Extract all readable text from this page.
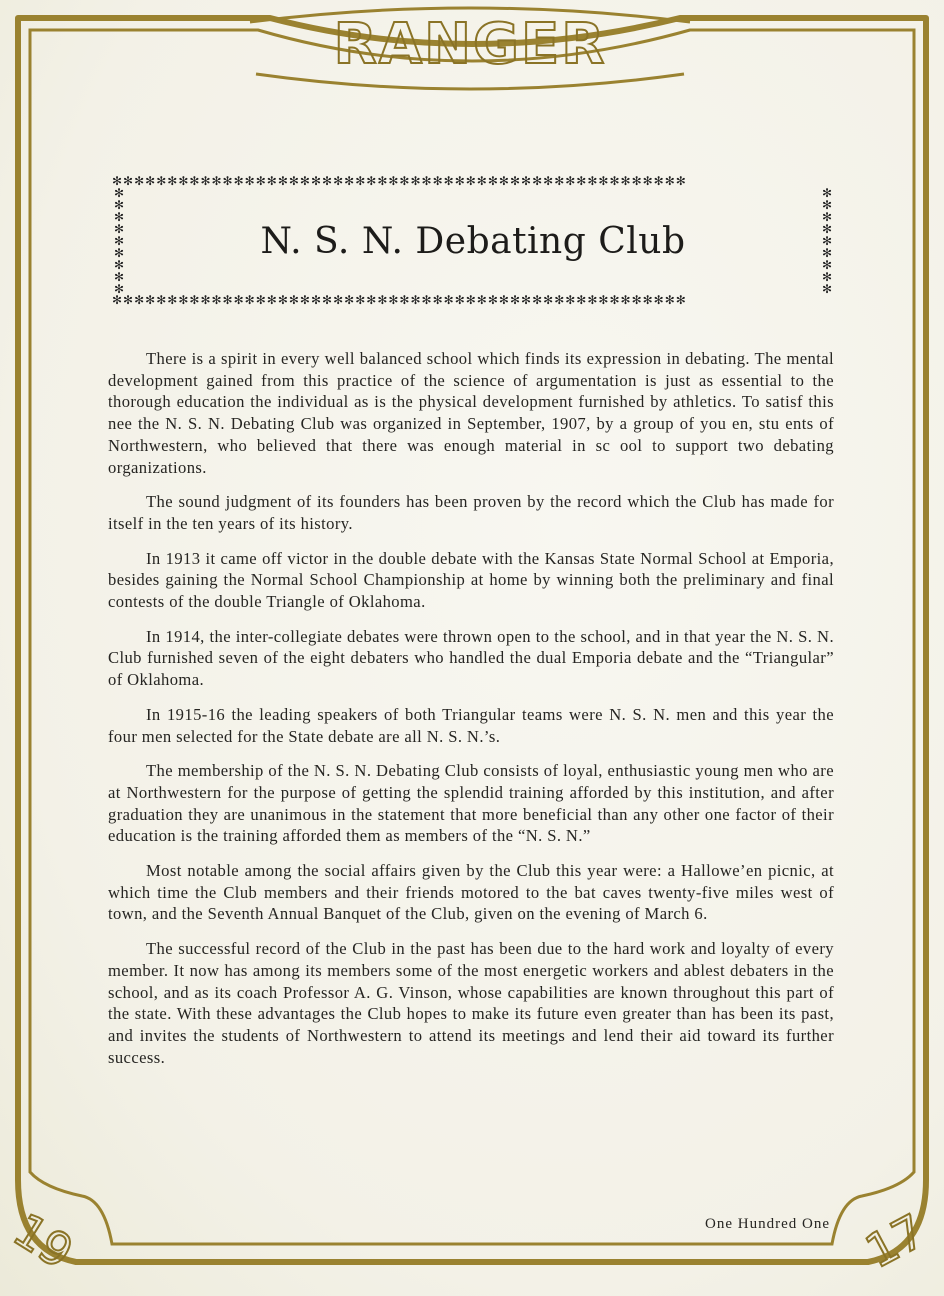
RANGER
19	17
✻✻✻✻✻✻✻✻✻✻✻✻✻✻✻✻✻✻✻✻✻✻✻✻✻✻✻✻✻✻✻✻✻✻✻✻✻✻✻✻✻✻✻✻✻✻✻✻✻✻✻✻
✻
✻
✻
✻
✻
✻
✻
✻
✻
✻
✻
✻
✻
✻
✻
✻
✻
✻
N. S. N. Debating Club
✻✻✻✻✻✻✻✻✻✻✻✻✻✻✻✻✻✻✻✻✻✻✻✻✻✻✻✻✻✻✻✻✻✻✻✻✻✻✻✻✻✻✻✻✻✻✻✻✻✻✻✻

There is a spirit in every well balanced school which finds its expression in debating. The mental development gained from this practice of the science of argumentation is just as essential to the thorough education the individual as is the physical development furnished by athletics. To satisf this nee the N. S. N. Debating Club was organized in September, 1907, by a group of you en, stu ents of Northwestern, who believed that there was enough material in sc ool to support two debating organizations.

The sound judgment of its founders has been proven by the record which the Club has made for itself in the ten years of its history.

In 1913 it came off victor in the double debate with the Kansas State Normal School at Emporia, besides gaining the Normal School Championship at home by winning both the preliminary and final contests of the double Triangle of Oklahoma.

In 1914, the inter-collegiate debates were thrown open to the school, and in that year the N. S. N. Club furnished seven of the eight debaters who handled the dual Emporia debate and the “Triangular” of Oklahoma.

In 1915-16 the leading speakers of both Triangular teams were N. S. N. men and this year the four men selected for the State debate are all N. S. N.’s.

The membership of the N. S. N. Debating Club consists of loyal, enthusiastic young men who are at Northwestern for the purpose of getting the splendid training afforded by this institution, and after graduation they are unanimous in the statement that more beneficial than any other one factor of their education is the training afforded them as members of the “N. S. N.”

Most notable among the social affairs given by the Club this year were: a Hallowe’en picnic, at which time the Club members and their friends motored to the bat caves twenty-five miles west of town, and the Seventh Annual Banquet of the Club, given on the evening of March 6.

The successful record of the Club in the past has been due to the hard work and loyalty of every member. It now has among its members some of the most energetic workers and ablest debaters in the school, and as its coach Professor A. G. Vinson, whose capabilities are known throughout this part of the state. With these advantages the Club hopes to make its future even greater than has been its past, and invites the students of Northwestern to attend its meetings and lend their aid toward its further success.

One Hundred One
